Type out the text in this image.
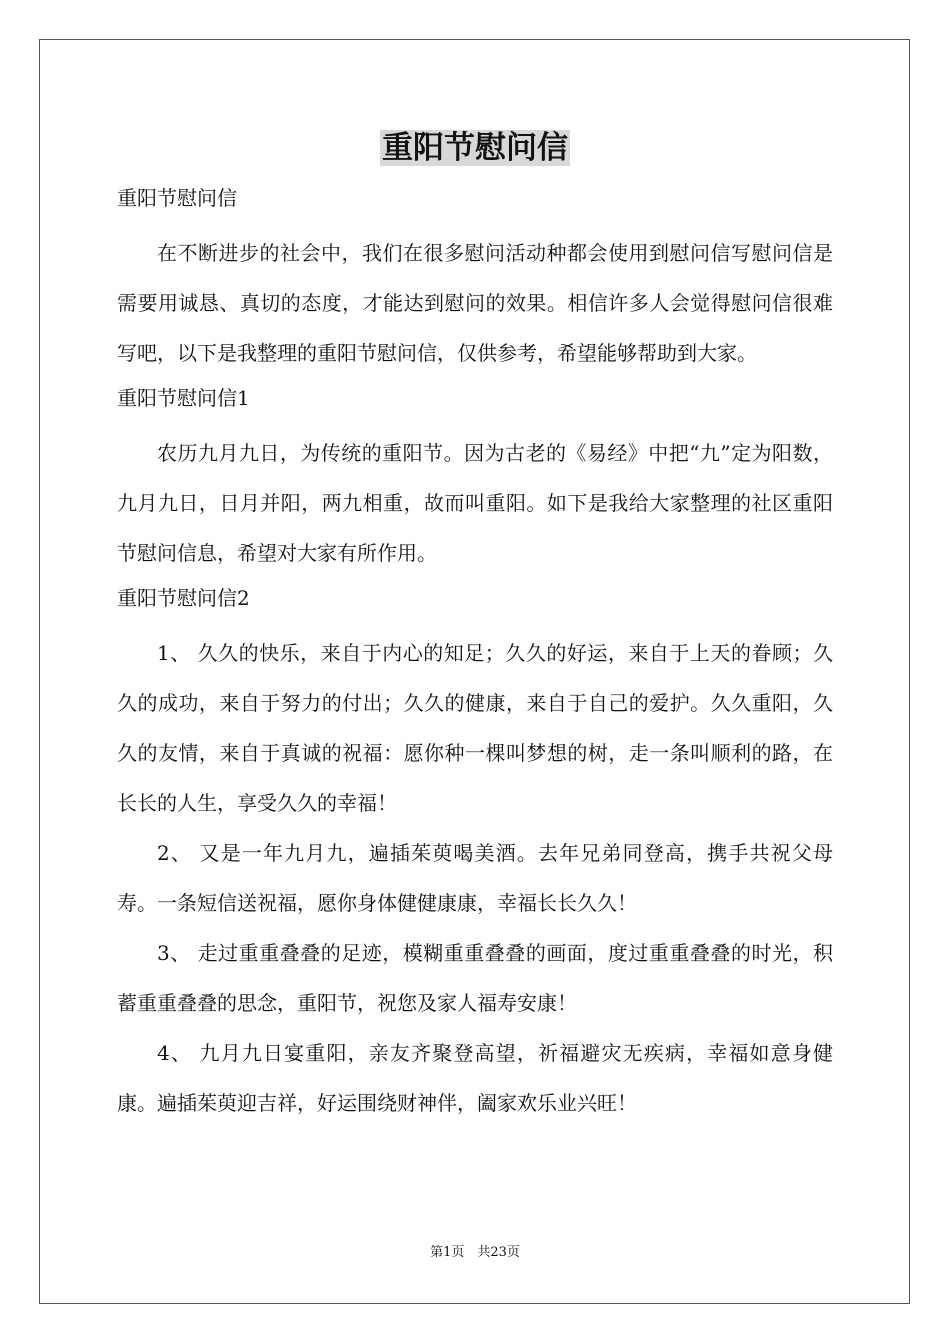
重阳节慰问信
重阳节慰问信

在不断进步的社会中，我们在很多慰问活动种都会使用到慰问信写慰问信是需要用诚恳、真切的态度，才能达到慰问的效果。相信许多人会觉得慰问信很难写吧，以下是我整理的重阳节慰问信，仅供参考，希望能够帮助到大家。

重阳节慰问信1

农历九月九日，为传统的重阳节。因为古老的《易经》中把“九”定为阳数，九月九日，日月并阳，两九相重，故而叫重阳。如下是我给大家整理的社区重阳节慰问信息，希望对大家有所作用。

重阳节慰问信2

1、 久久的快乐，来自于内心的知足；久久的好运，来自于上天的眷顾；久久的成功，来自于努力的付出；久久的健康，来自于自己的爱护。久久重阳，久久的友情，来自于真诚的祝福：愿你种一棵叫梦想的树，走一条叫顺利的路，在长长的人生，享受久久的幸福！

2、 又是一年九月九，遍插茱萸喝美酒。去年兄弟同登高，携手共祝父母寿。一条短信送祝福，愿你身体健健康康，幸福长长久久！

3、 走过重重叠叠的足迹，模糊重重叠叠的画面，度过重重叠叠的时光，积蓄重重叠叠的思念，重阳节，祝您及家人福寿安康！

4、 九月九日宴重阳，亲友齐聚登高望，祈福避灾无疾病，幸福如意身健康。遍插茱萸迎吉祥，好运围绕财神伴，阖家欢乐业兴旺！

第1页　共23页
